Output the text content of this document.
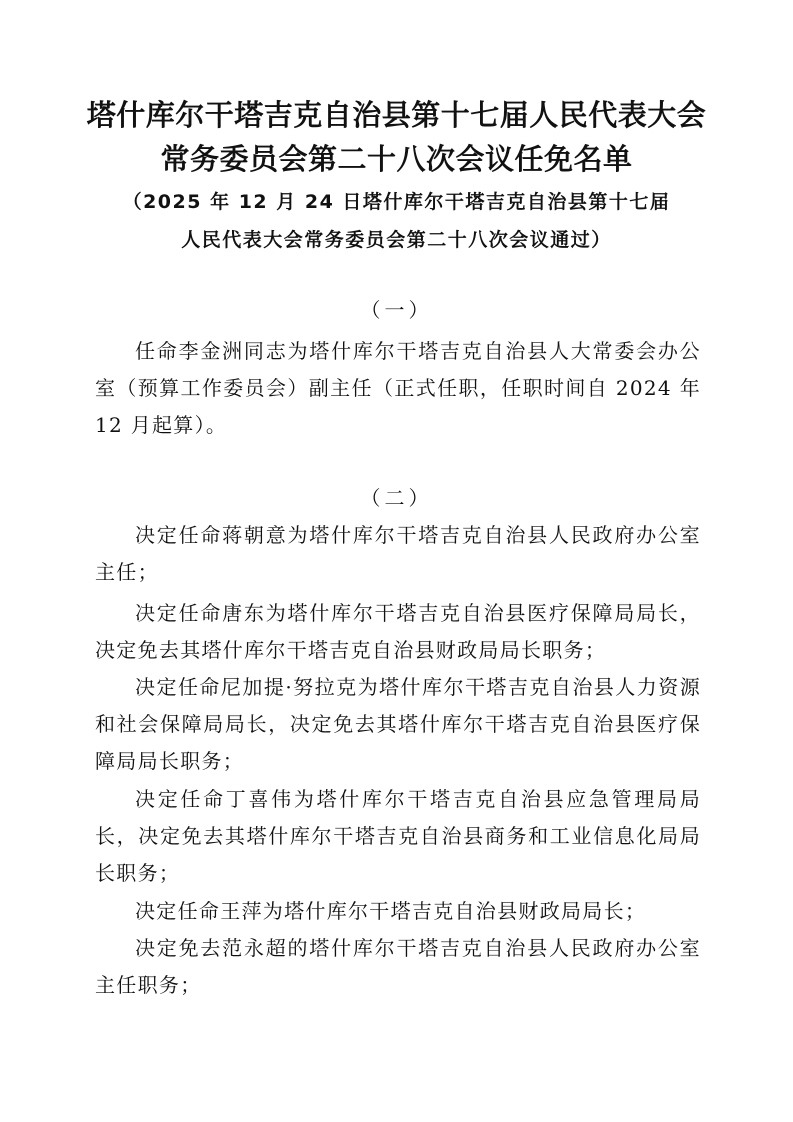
塔什库尔干塔吉克自治县第十七届人民代表大会
常务委员会第二十八次会议任免名单
（2025 年 12 月 24 日塔什库尔干塔吉克自治县第十七届
人民代表大会常务委员会第二十八次会议通过）
（一）

任命李金洲同志为塔什库尔干塔吉克自治县人大常委会办公室（预算工作委员会）副主任（正式任职，任职时间自 2024 年 12 月起算）。

（二）

决定任命蒋朝意为塔什库尔干塔吉克自治县人民政府办公室主任；

决定任命唐东为塔什库尔干塔吉克自治县医疗保障局局长，决定免去其塔什库尔干塔吉克自治县财政局局长职务；

决定任命尼加提·努拉克为塔什库尔干塔吉克自治县人力资源和社会保障局局长，决定免去其塔什库尔干塔吉克自治县医疗保障局局长职务；

决定任命丁喜伟为塔什库尔干塔吉克自治县应急管理局局长，决定免去其塔什库尔干塔吉克自治县商务和工业信息化局局长职务；

决定任命王萍为塔什库尔干塔吉克自治县财政局局长；

决定免去范永超的塔什库尔干塔吉克自治县人民政府办公室主任职务；
